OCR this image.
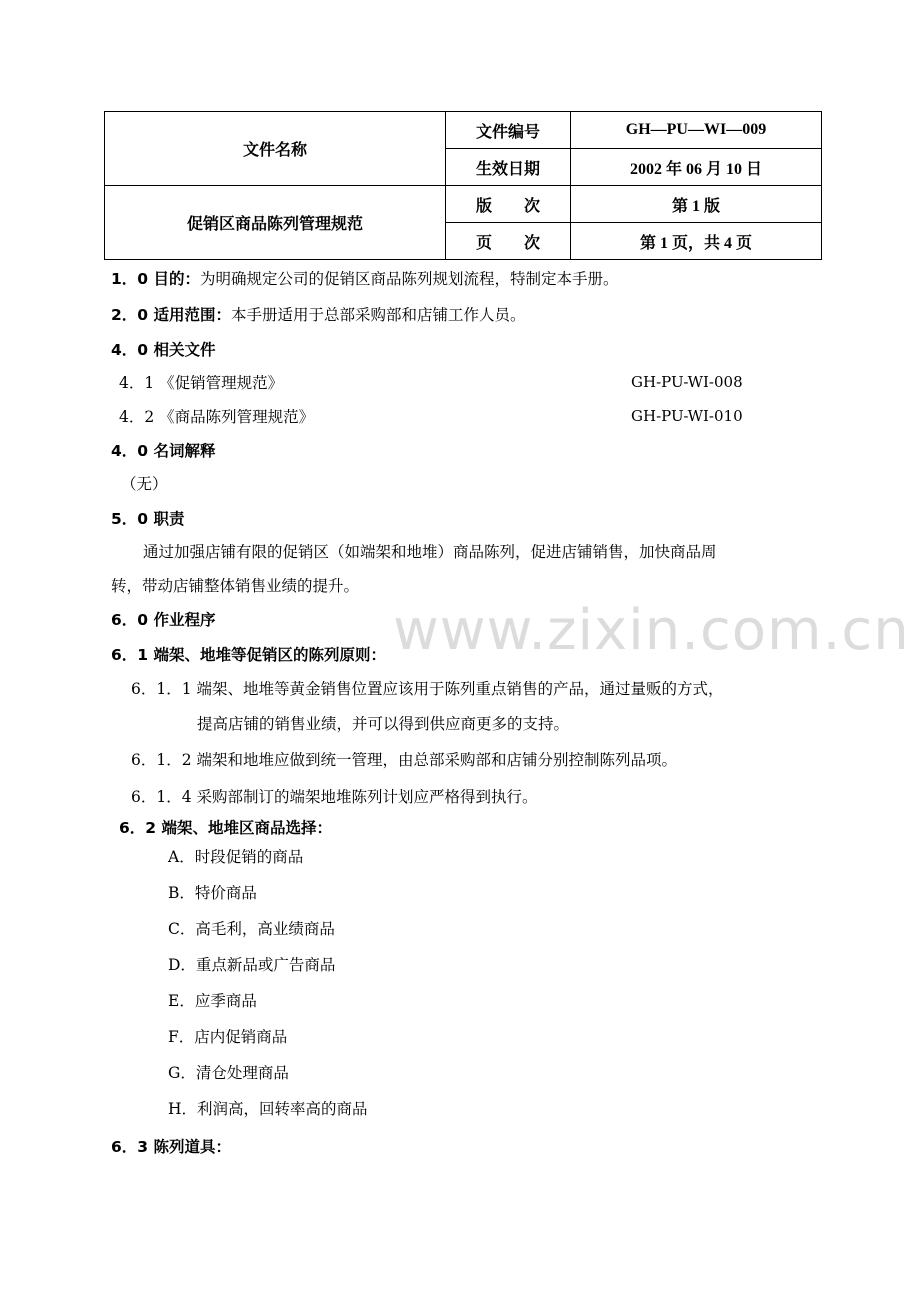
www.zixin.com.cn
文件名称	文件编号	GH—PU—WI—009
	生效日期	2002 年 06 月 10 日
促销区商品陈列管理规范	版　　次	第 1 版
	页　　次	第 1 页，共 4 页
1．0 目的：为明确规定公司的促销区商品陈列规划流程，特制定本手册。
2．0 适用范围：本手册适用于总部采购部和店铺工作人员。
4．0 相关文件
4．1 《促销管理规范》	GH-PU-WI-008
4．2 《商品陈列管理规范》	GH-PU-WI-010
4．0 名词解释
（无）
5．0 职责
通过加强店铺有限的促销区（如端架和地堆）商品陈列，促进店铺销售，加快商品周
转，带动店铺整体销售业绩的提升。
6．0 作业程序
6．1 端架、地堆等促销区的陈列原则：
6．1．1 端架、地堆等黄金销售位置应该用于陈列重点销售的产品，通过量贩的方式，
提高店铺的销售业绩，并可以得到供应商更多的支持。
6．1．2 端架和地堆应做到统一管理，由总部采购部和店铺分别控制陈列品项。
6．1．4 采购部制订的端架地堆陈列计划应严格得到执行。
6．2 端架、地堆区商品选择：
A．时段促销的商品
B．特价商品
C．高毛利，高业绩商品
D．重点新品或广告商品
E．应季商品
F．店内促销商品
G．清仓处理商品
H．利润高，回转率高的商品
6．3 陈列道具：
